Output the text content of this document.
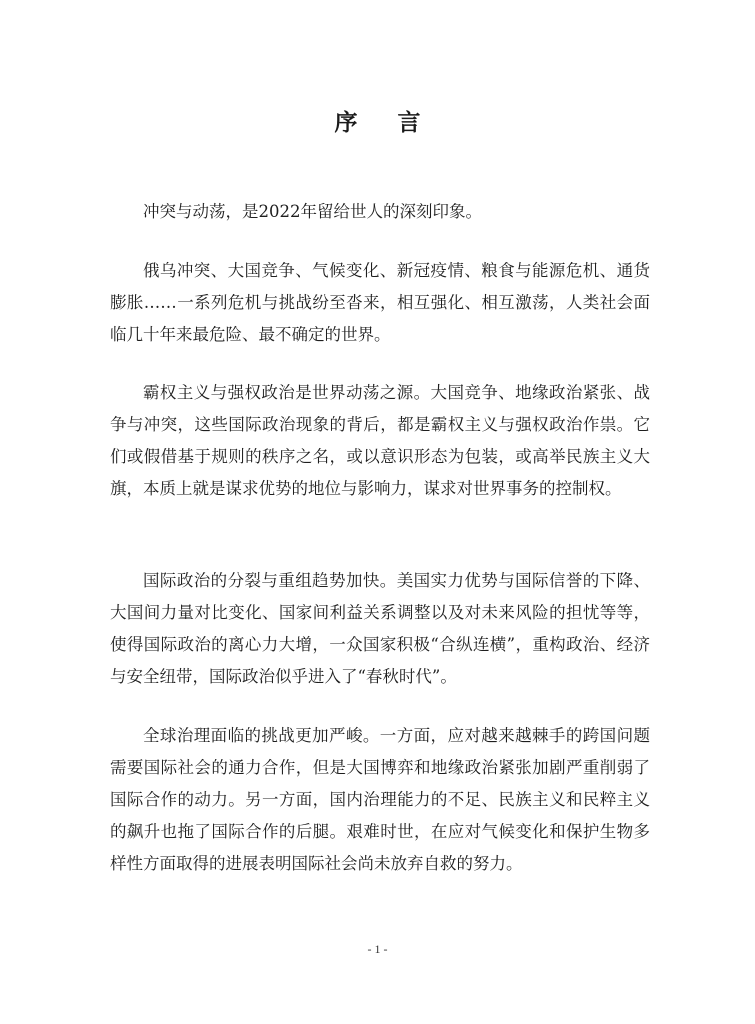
序 言

冲突与动荡，是2022年留给世人的深刻印象。

俄乌冲突、大国竞争、气候变化、新冠疫情、粮食与能源危机、通货膨胀……一系列危机与挑战纷至沓来，相互强化、相互激荡，人类社会面临几十年来最危险、最不确定的世界。

霸权主义与强权政治是世界动荡之源。大国竞争、地缘政治紧张、战争与冲突，这些国际政治现象的背后，都是霸权主义与强权政治作祟。它们或假借基于规则的秩序之名，或以意识形态为包装，或高举民族主义大旗，本质上就是谋求优势的地位与影响力，谋求对世界事务的控制权。

国际政治的分裂与重组趋势加快。美国实力优势与国际信誉的下降、大国间力量对比变化、国家间利益关系调整以及对未来风险的担忧等等，使得国际政治的离心力大增，一众国家积极“合纵连横”，重构政治、经济与安全纽带，国际政治似乎进入了“春秋时代”。

全球治理面临的挑战更加严峻。一方面，应对越来越棘手的跨国问题需要国际社会的通力合作，但是大国博弈和地缘政治紧张加剧严重削弱了国际合作的动力。另一方面，国内治理能力的不足、民族主义和民粹主义的飙升也拖了国际合作的后腿。艰难时世，在应对气候变化和保护生物多样性方面取得的进展表明国际社会尚未放弃自救的努力。

- 1 -
